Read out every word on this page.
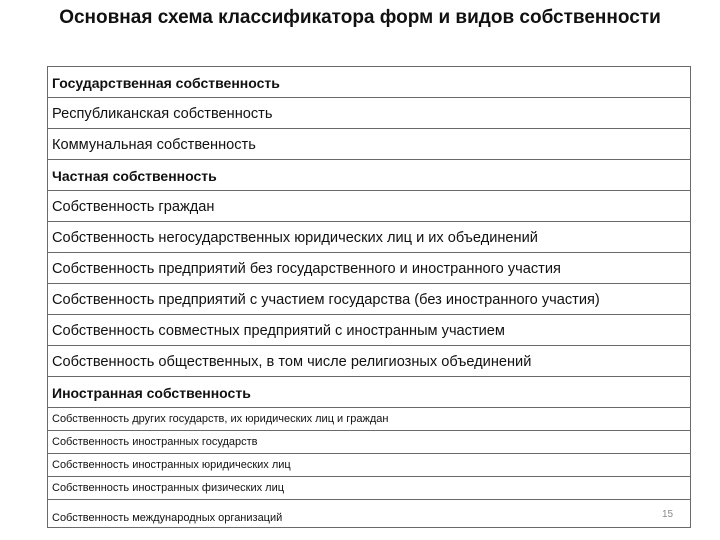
Основная схема классификатора форм и видов собственности
Государственная собственность
Республиканская собственность
Коммунальная собственность
Частная собственность
Собственность граждан
Собственность негосударственных юридических лиц и их объединений
Собственность предприятий без государственного и иностранного участия
Собственность предприятий с участием государства (без иностранного участия)
Собственность совместных предприятий с иностранным участием
Собственность общественных, в том числе религиозных объединений
Иностранная собственность
Собственность других государств, их юридических лиц и граждан
Собственность иностранных государств
Собственность иностранных юридических лиц
Собственность иностранных физических лиц
Собственность международных организаций	15
